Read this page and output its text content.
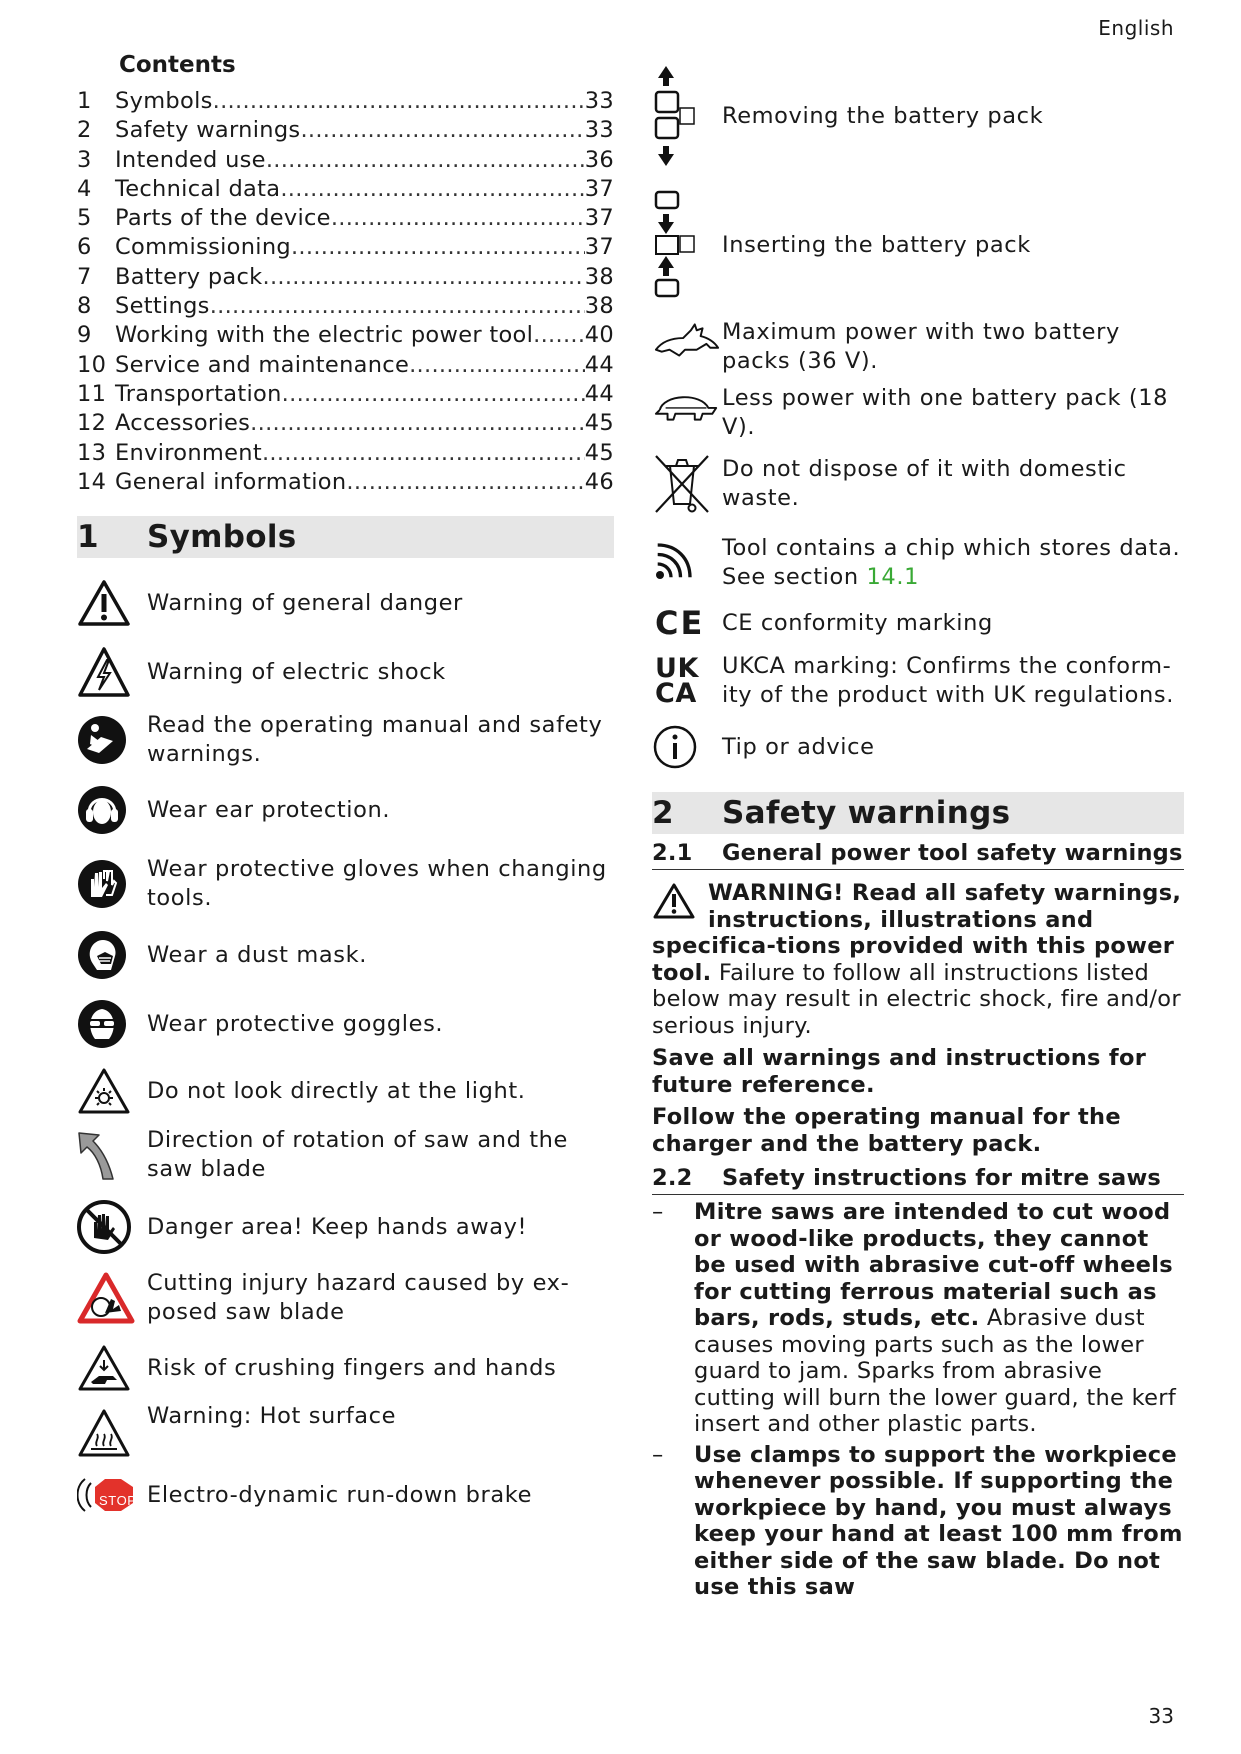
English
Contents
1	Symbols .....	33
2	Safety warnings .....	33
3	Intended use .....	36
4	Technical data .....	37
5	Parts of the device .....	37
6	Commissioning .....	37
7	Battery pack .....	38
8	Settings .....	38
9	Working with the electric power tool ..... 40
10 Service and maintenance .....	44
11 Transportation .....	44
12 Accessories .....	45
13 Environment .....	45
14 General information .....	46
1	Symbols
Warning of general danger
Warning of electric shock
Read the operating manual and safety warnings.
Wear ear protection.
Wear protective gloves when changing tools.
Wear a dust mask.
Wear protective goggles.
Do not look directly at the light.
Direction of rotation of saw and the saw blade
Danger area! Keep hands away!
Cutting injury hazard caused by ex-posed saw blade
Risk of crushing fingers and hands
Warning: Hot surface
STOP Electro-dynamic run-down brake
Removing the battery pack
Inserting the battery pack
Maximum power with two battery packs (36 V).
Less power with one battery pack (18 V).
Do not dispose of it with domestic waste.
Tool contains a chip which stores data.
See section 14.1
CE CE conformity marking
UK
CA
UKCA marking: Confirms the conform-ity of the product with UK regulations.
Tip or advice
2	Safety warnings
2.1	General power tool safety warnings
WARNING! Read all safety warnings, instructions, illustrations and specifica-tions provided with this power tool. Failure to follow all instructions listed below may result in electric shock, fire and/or serious injury.
Save all warnings and instructions for future reference.
Follow the operating manual for the charger and the battery pack.
2.2	Safety instructions for mitre saws
–	Mitre saws are intended to cut wood or wood-like products, they cannot be used with abrasive cut-off wheels for cutting ferrous material such as bars, rods, studs, etc. Abrasive dust causes moving parts such as the lower guard to jam. Sparks from abrasive cutting will burn the lower guard, the kerf insert and other plastic parts.
–	Use clamps to support the workpiece whenever possible. If supporting the workpiece by hand, you must always keep your hand at least 100 mm from either side of the saw blade. Do not use this saw
33
